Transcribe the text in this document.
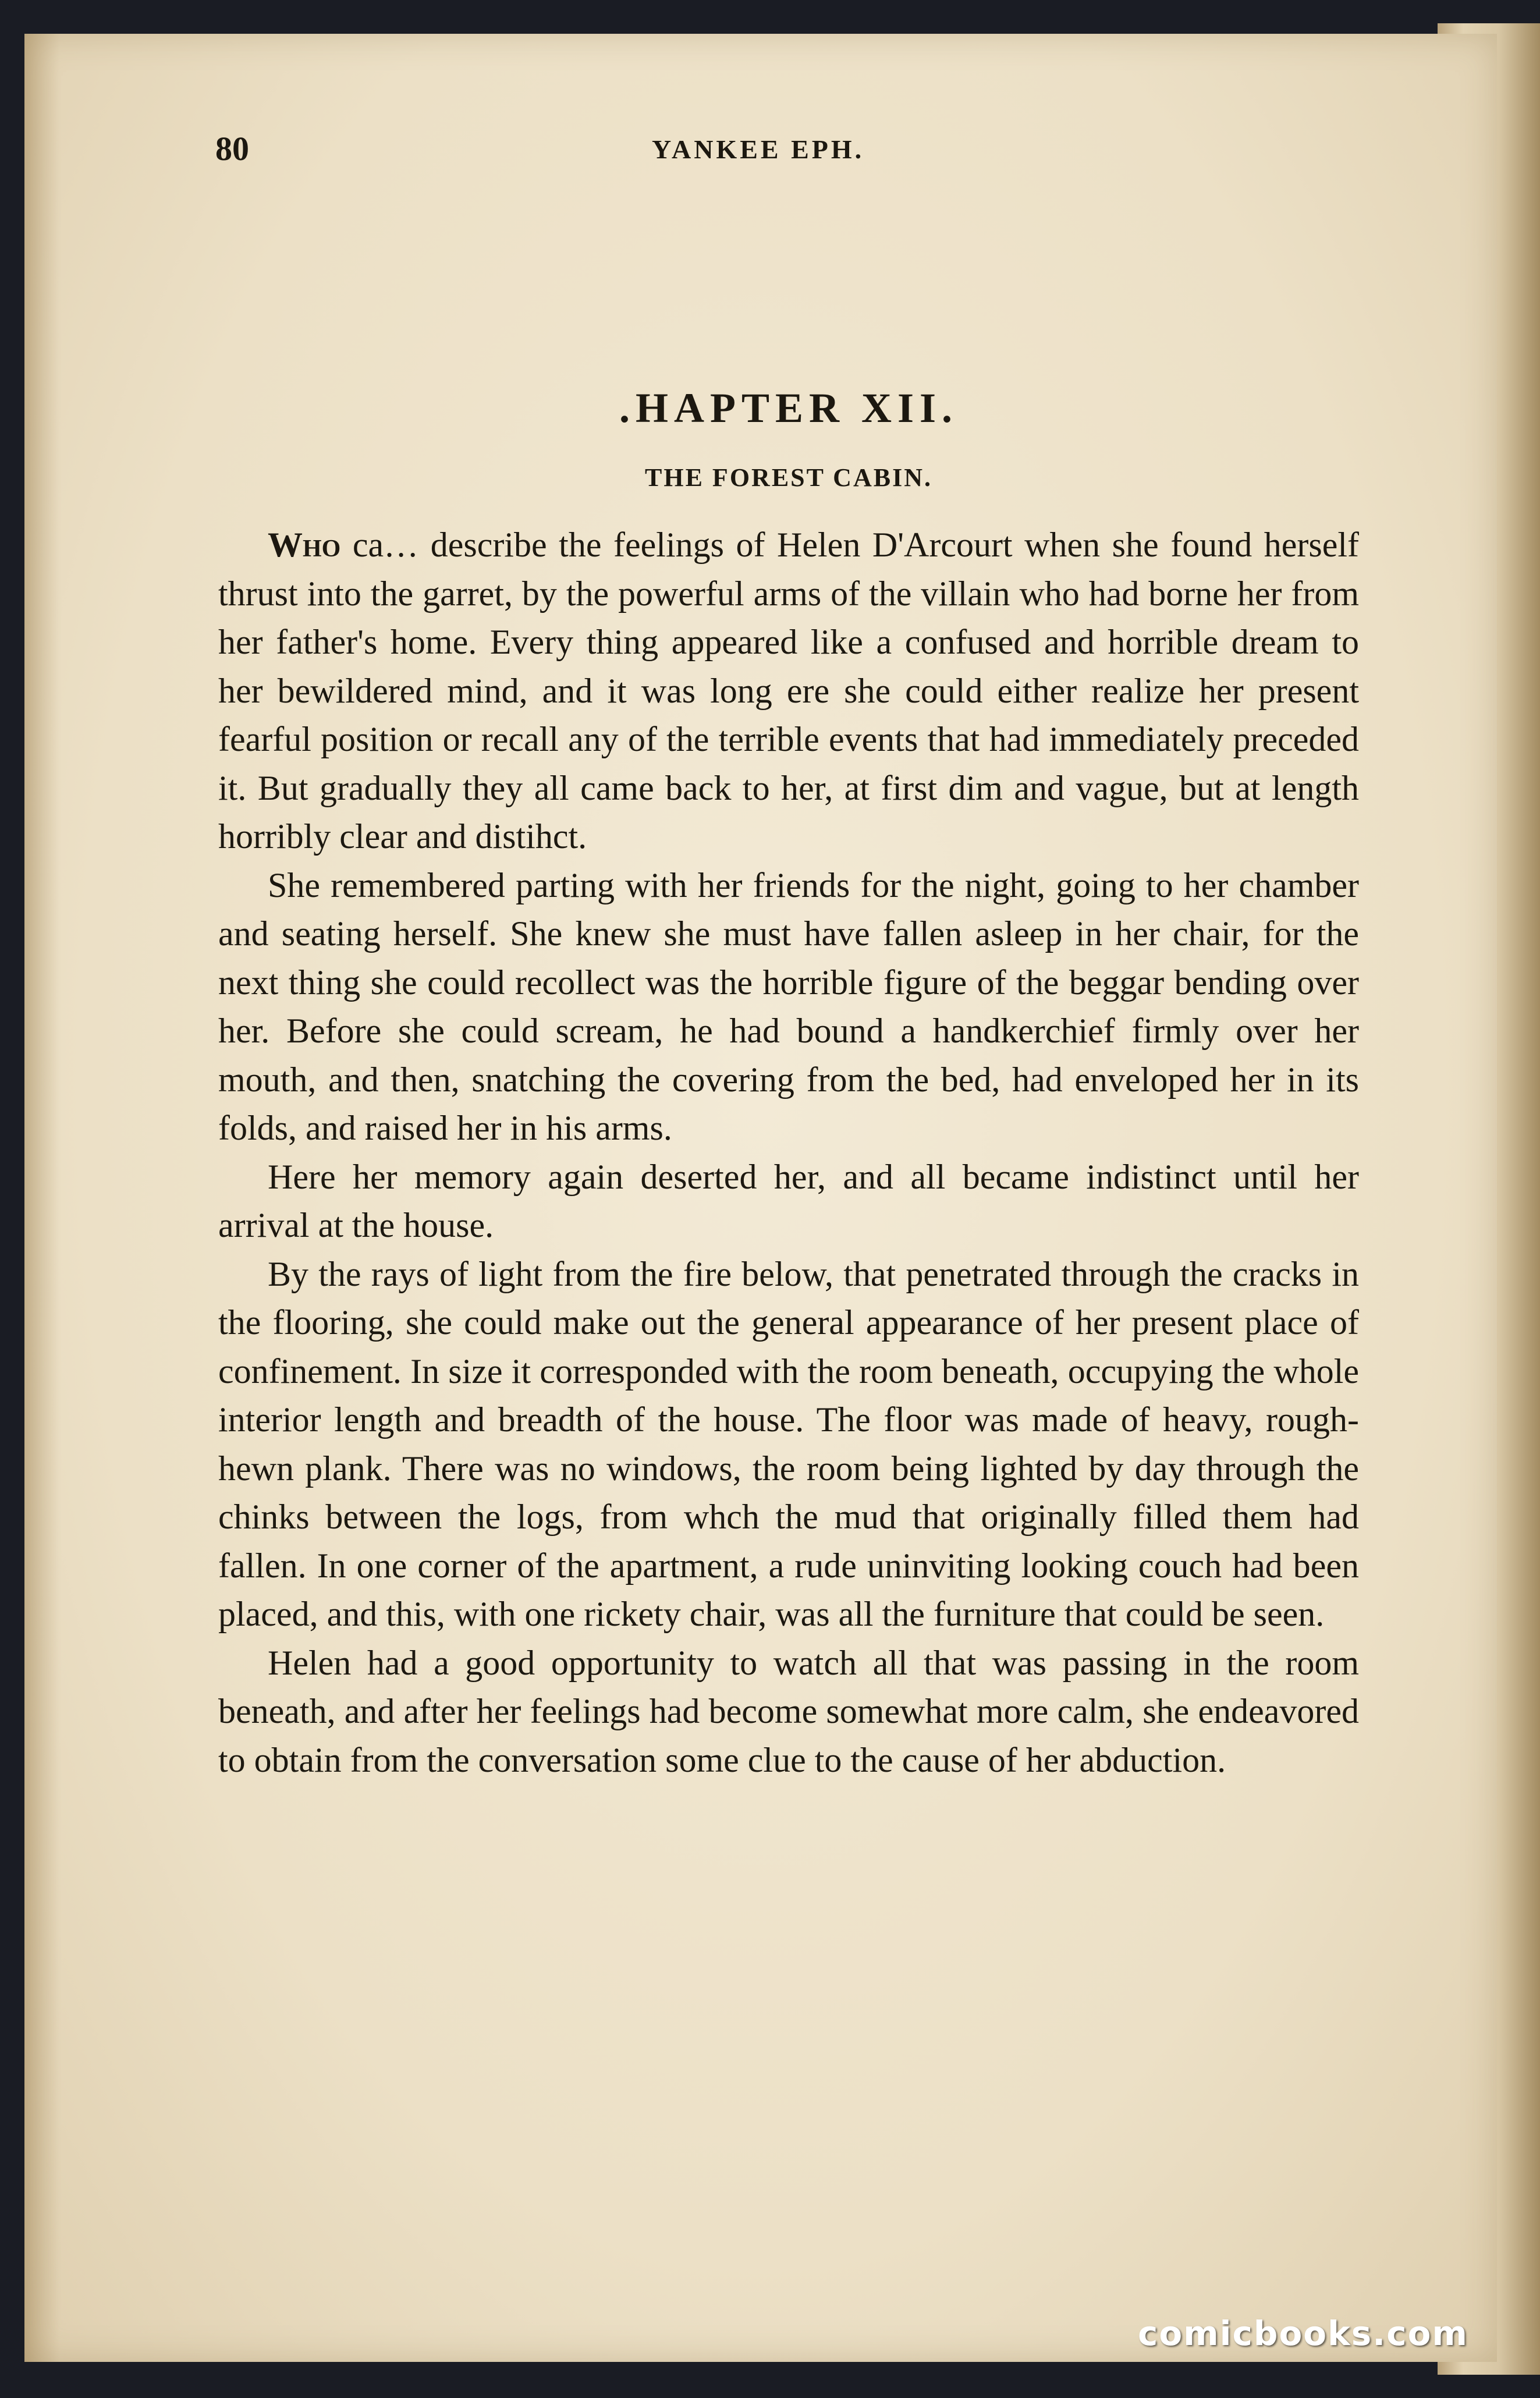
80	YANKEE EPH.
.HAPTER XII.
THE FOREST CABIN.

Who ca… describe the feelings of Helen D'Arcourt when she found herself thrust into the garret, by the powerful arms of the villain who had borne her from her father's home. Every thing appeared like a confused and horrible dream to her bewildered mind, and it was long ere she could either realize her present fearful position or recall any of the terrible events that had immediately preceded it. But gradually they all came back to her, at first dim and vague, but at length horribly clear and distihct.

She remembered parting with her friends for the night, going to her chamber and seating herself. She knew she must have fallen asleep in her chair, for the next thing she could recollect was the horrible figure of the beggar bending over her. Before she could scream, he had bound a handkerchief firmly over her mouth, and then, snatching the covering from the bed, had enveloped her in its folds, and raised her in his arms.

Here her memory again deserted her, and all became indistinct until her arrival at the house.

By the rays of light from the fire below, that penetrated through the cracks in the flooring, she could make out the general appearance of her present place of confinement. In size it corresponded with the room beneath, occupying the whole interior length and breadth of the house. The floor was made of heavy, rough-hewn plank. There was no windows, the room being lighted by day through the chinks between the logs, from whch the mud that originally filled them had fallen. In one corner of the apartment, a rude uninviting looking couch had been placed, and this, with one rickety chair, was all the furniture that could be seen.

Helen had a good opportunity to watch all that was passing in the room beneath, and after her feelings had become somewhat more calm, she endeavored to obtain from the conversation some clue to the cause of her abduction.

comicbooks.com
